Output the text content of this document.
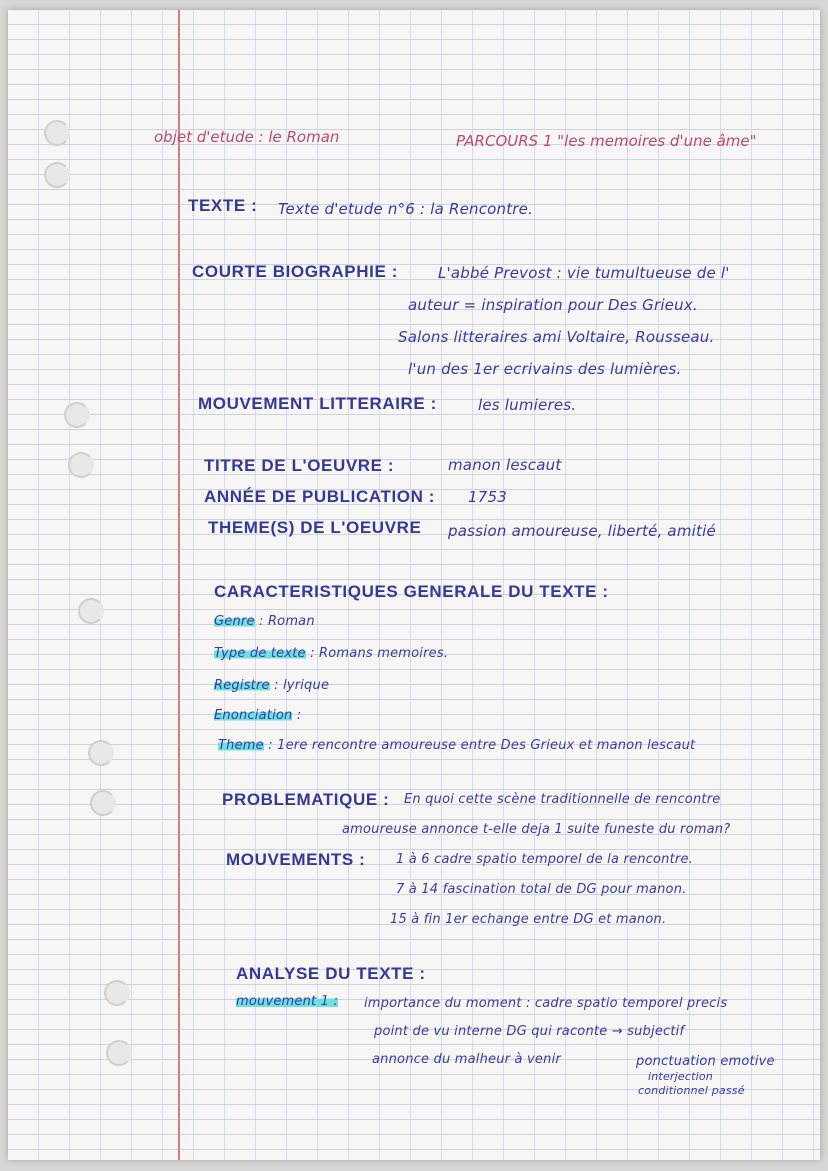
objet d'etude : le Roman	PARCOURS 1 "les memoires d'une âme"
TEXTE : Texte d'etude n°6 : la Rencontre.
COURTE BIOGRAPHIE :	L'abbé Prevost : vie tumultueuse de l'
auteur = inspiration pour Des Grieux.
Salons litteraires ami Voltaire, Rousseau.
l'un des 1er ecrivains des lumières.
MOUVEMENT LITTERAIRE :	les lumieres.
TITRE DE L'OEUVRE :	manon lescaut
ANNÉE DE PUBLICATION : 1753
THEME(S) DE L'OEUVRE passion amoureuse, liberté, amitié
CARACTERISTIQUES GENERALE DU TEXTE :
Genre : Roman
Type de texte : Romans memoires.
Registre : lyrique
Enonciation :
Theme : 1ere rencontre amoureuse entre Des Grieux et manon lescaut
PROBLEMATIQUE : En quoi cette scène traditionnelle de rencontre
amoureuse annonce t-elle deja 1 suite funeste du roman?
MOUVEMENTS : 1 à 6 cadre spatio temporel de la rencontre.
7 à 14 fascination total de DG pour manon.
15 à fin 1er echange entre DG et manon.
ANALYSE DU TEXTE :
mouvement 1 : importance du moment : cadre spatio temporel precis
point de vu interne DG qui raconte → subjectif
annonce du malheur à venir	ponctuation emotive
interjection
conditionnel passé
